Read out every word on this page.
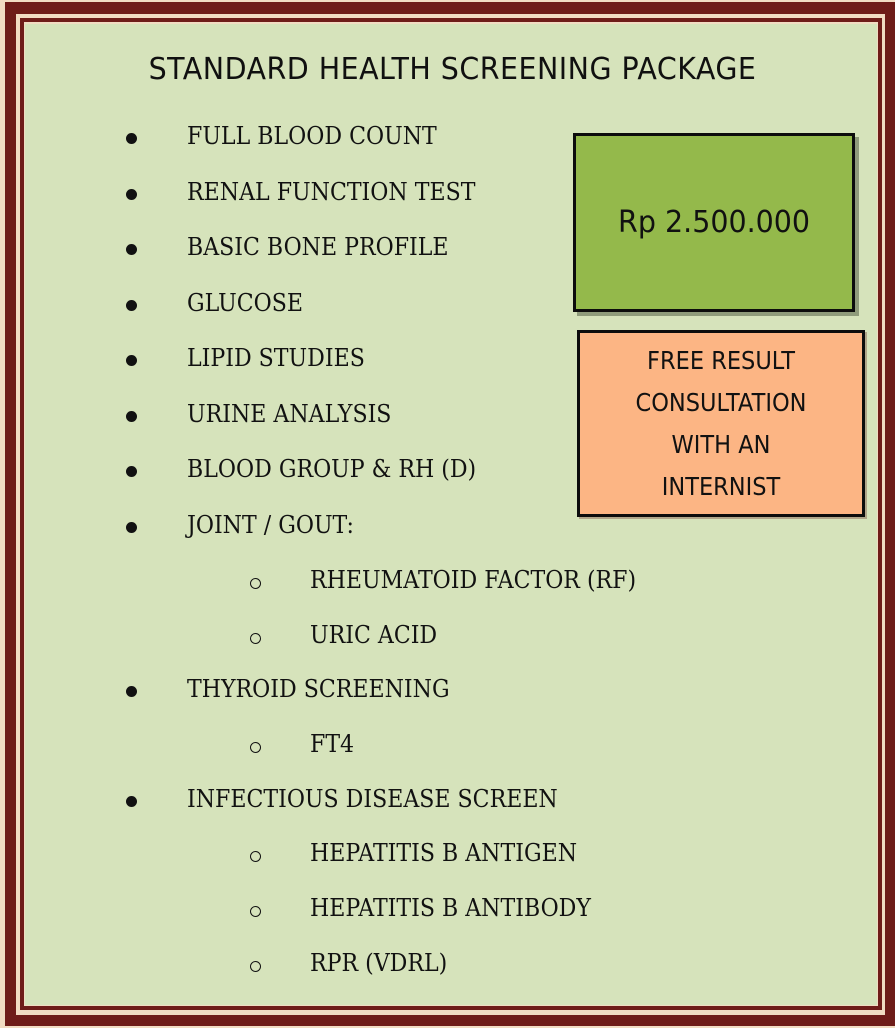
STANDARD HEALTH SCREENING PACKAGE
FULL BLOOD COUNT
RENAL FUNCTION TEST
BASIC BONE PROFILE
GLUCOSE
LIPID STUDIES
URINE ANALYSIS
BLOOD GROUP & RH (D)
JOINT / GOUT:
RHEUMATOID FACTOR (RF)
URIC ACID
THYROID SCREENING
FT4
INFECTIOUS DISEASE SCREEN
HEPATITIS B ANTIGEN
HEPATITIS B ANTIBODY
RPR (VDRL)
Rp 2.500.000
FREE RESULT
CONSULTATION
WITH AN
INTERNIST
